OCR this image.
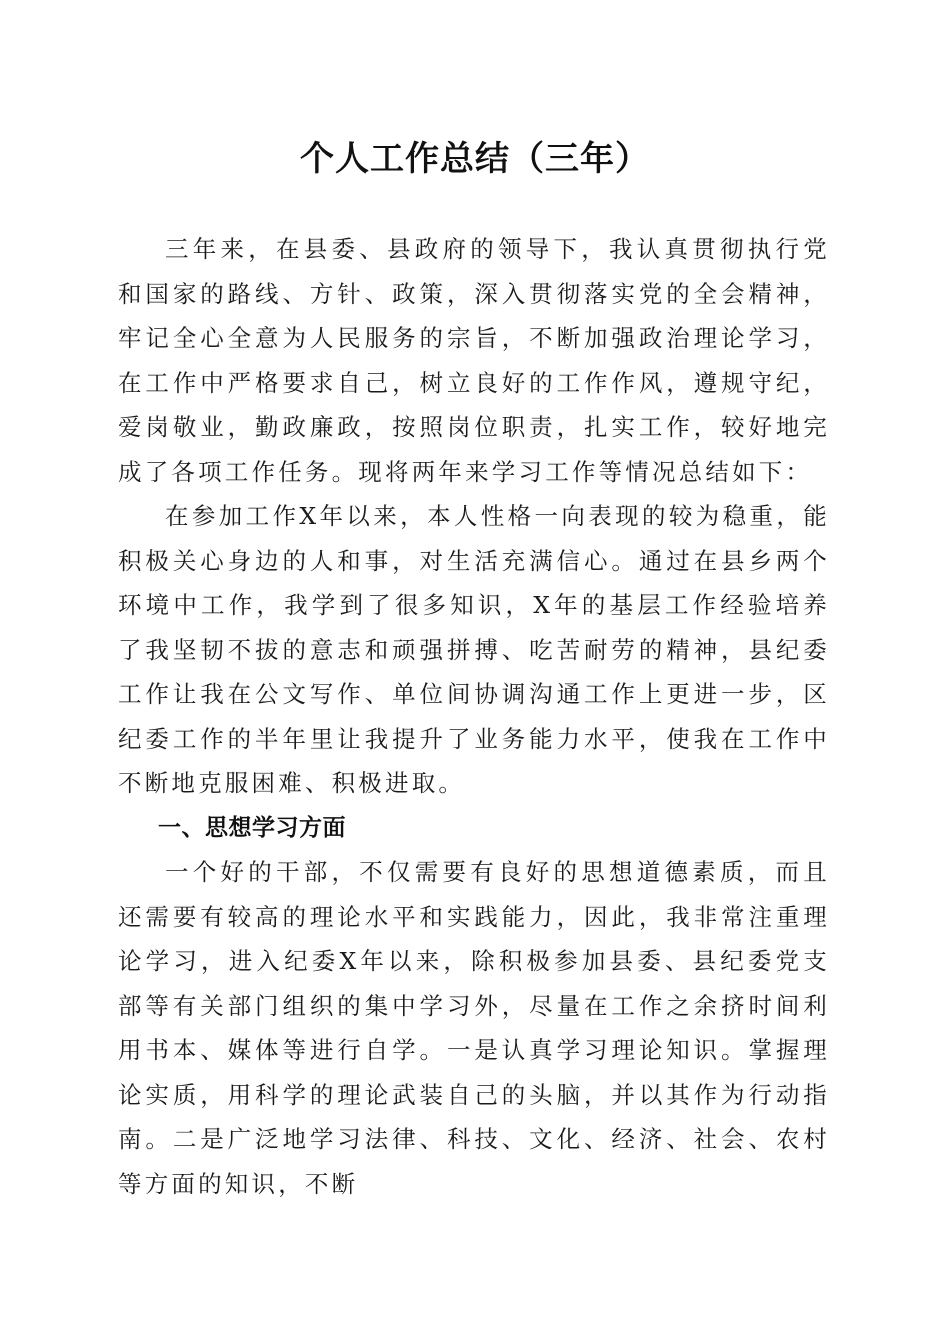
个人工作总结（三年）

三年来，在县委、县政府的领导下，我认真贯彻执行党和国家的路线、方针、政策，深入贯彻落实党的全会精神，牢记全心全意为人民服务的宗旨，不断加强政治理论学习，在工作中严格要求自己，树立良好的工作作风，遵规守纪，爱岗敬业，勤政廉政，按照岗位职责，扎实工作，较好地完成了各项工作任务。现将两年来学习工作等情况总结如下：

在参加工作X年以来，本人性格一向表现的较为稳重，能积极关心身边的人和事，对生活充满信心。通过在县乡两个环境中工作，我学到了很多知识，X年的基层工作经验培养了我坚韧不拔的意志和顽强拼搏、吃苦耐劳的精神，县纪委工作让我在公文写作、单位间协调沟通工作上更进一步，区纪委工作的半年里让我提升了业务能力水平，使我在工作中不断地克服困难、积极进取。

一、思想学习方面

一个好的干部，不仅需要有良好的思想道德素质，而且还需要有较高的理论水平和实践能力，因此，我非常注重理论学习，进入纪委X年以来，除积极参加县委、县纪委党支部等有关部门组织的集中学习外，尽量在工作之余挤时间利用书本、媒体等进行自学。一是认真学习理论知识。掌握理论实质，用科学的理论武装自己的头脑，并以其作为行动指南。二是广泛地学习法律、科技、文化、经济、社会、农村等方面的知识，不断
